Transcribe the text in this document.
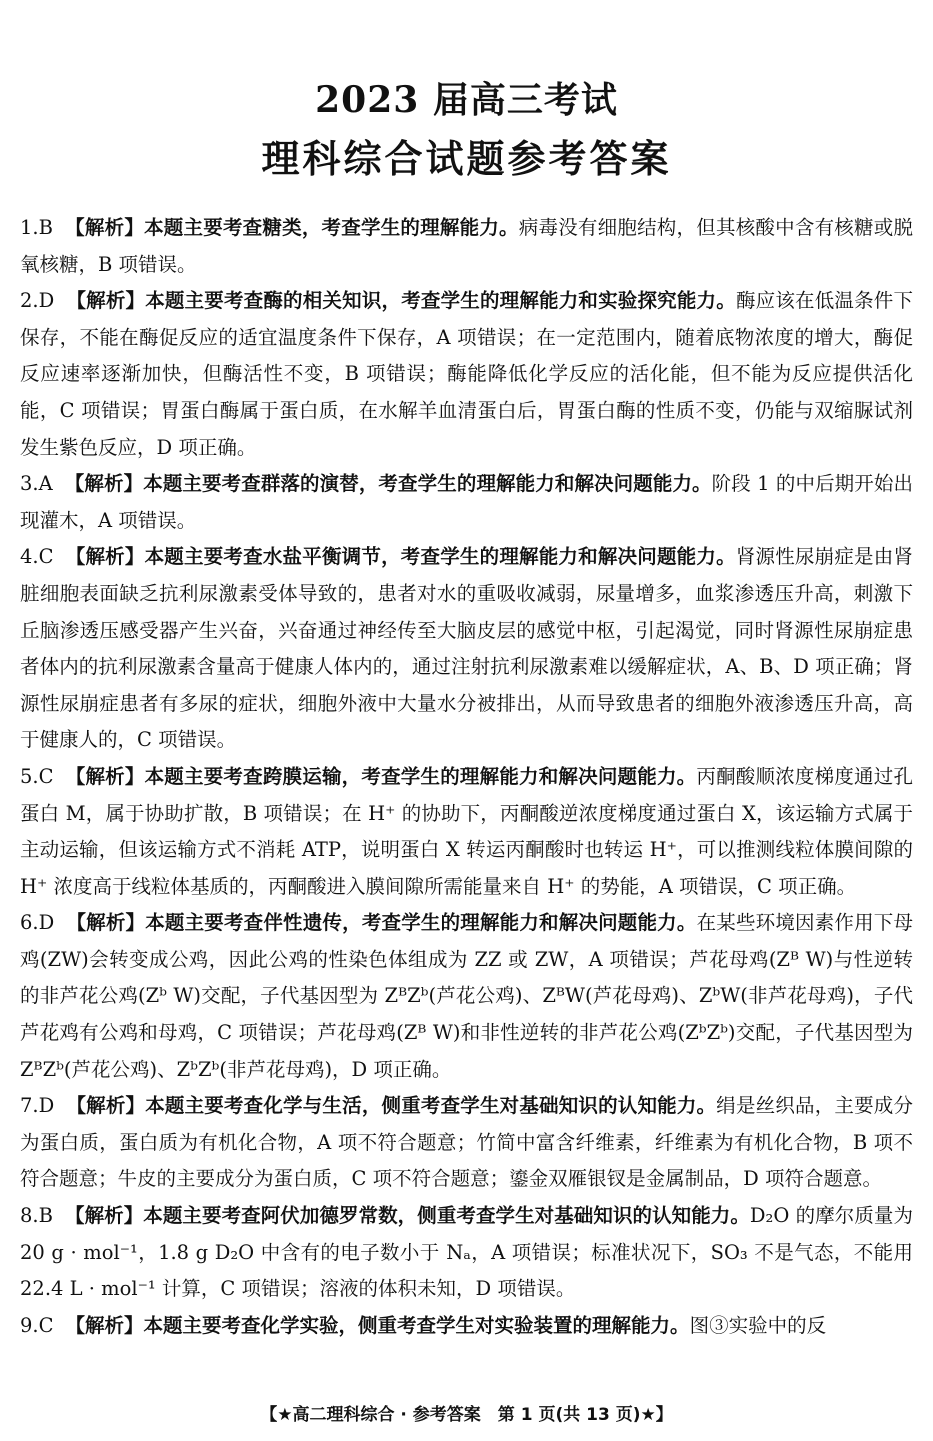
2023 届高三考试
理科综合试题参考答案

1.B 【解析】本题主要考查糖类，考查学生的理解能力。病毒没有细胞结构，但其核酸中含有核糖或脱氧核糖，B 项错误。

2.D 【解析】本题主要考查酶的相关知识，考查学生的理解能力和实验探究能力。酶应该在低温条件下保存，不能在酶促反应的适宜温度条件下保存，A 项错误；在一定范围内，随着底物浓度的增大，酶促反应速率逐渐加快，但酶活性不变，B 项错误；酶能降低化学反应的活化能，但不能为反应提供活化能，C 项错误；胃蛋白酶属于蛋白质，在水解羊血清蛋白后，胃蛋白酶的性质不变，仍能与双缩脲试剂发生紫色反应，D 项正确。

3.A 【解析】本题主要考查群落的演替，考查学生的理解能力和解决问题能力。阶段 1 的中后期开始出现灌木，A 项错误。

4.C 【解析】本题主要考查水盐平衡调节，考查学生的理解能力和解决问题能力。肾源性尿崩症是由肾脏细胞表面缺乏抗利尿激素受体导致的，患者对水的重吸收减弱，尿量增多，血浆渗透压升高，刺激下丘脑渗透压感受器产生兴奋，兴奋通过神经传至大脑皮层的感觉中枢，引起渴觉，同时肾源性尿崩症患者体内的抗利尿激素含量高于健康人体内的，通过注射抗利尿激素难以缓解症状，A、B、D 项正确；肾源性尿崩症患者有多尿的症状，细胞外液中大量水分被排出，从而导致患者的细胞外液渗透压升高，高于健康人的，C 项错误。

5.C 【解析】本题主要考查跨膜运输，考查学生的理解能力和解决问题能力。丙酮酸顺浓度梯度通过孔蛋白 M，属于协助扩散，B 项错误；在 H⁺ 的协助下，丙酮酸逆浓度梯度通过蛋白 X，该运输方式属于主动运输，但该运输方式不消耗 ATP，说明蛋白 X 转运丙酮酸时也转运 H⁺，可以推测线粒体膜间隙的 H⁺ 浓度高于线粒体基质的，丙酮酸进入膜间隙所需能量来自 H⁺ 的势能，A 项错误，C 项正确。

6.D 【解析】本题主要考查伴性遗传，考查学生的理解能力和解决问题能力。在某些环境因素作用下母鸡(ZW)会转变成公鸡，因此公鸡的性染色体组成为 ZZ 或 ZW，A 项错误；芦花母鸡(Zᴮ W)与性逆转的非芦花公鸡(Zᵇ W)交配，子代基因型为 ZᴮZᵇ(芦花公鸡)、ZᴮW(芦花母鸡)、ZᵇW(非芦花母鸡)，子代芦花鸡有公鸡和母鸡，C 项错误；芦花母鸡(Zᴮ W)和非性逆转的非芦花公鸡(ZᵇZᵇ)交配，子代基因型为 ZᴮZᵇ(芦花公鸡)、ZᵇZᵇ(非芦花母鸡)，D 项正确。

7.D 【解析】本题主要考查化学与生活，侧重考查学生对基础知识的认知能力。绢是丝织品，主要成分为蛋白质，蛋白质为有机化合物，A 项不符合题意；竹简中富含纤维素，纤维素为有机化合物，B 项不符合题意；牛皮的主要成分为蛋白质，C 项不符合题意；鎏金双雁银钗是金属制品，D 项符合题意。

8.B 【解析】本题主要考查阿伏加德罗常数，侧重考查学生对基础知识的认知能力。D₂O 的摩尔质量为 20 g · mol⁻¹，1.8 g D₂O 中含有的电子数小于 Nₐ，A 项错误；标准状况下，SO₃ 不是气态，不能用 22.4 L · mol⁻¹ 计算，C 项错误；溶液的体积未知，D 项错误。

9.C 【解析】本题主要考查化学实验，侧重考查学生对实验装置的理解能力。图③实验中的反

【★高二理科综合 · 参考答案　第 1 页(共 13 页)★】
